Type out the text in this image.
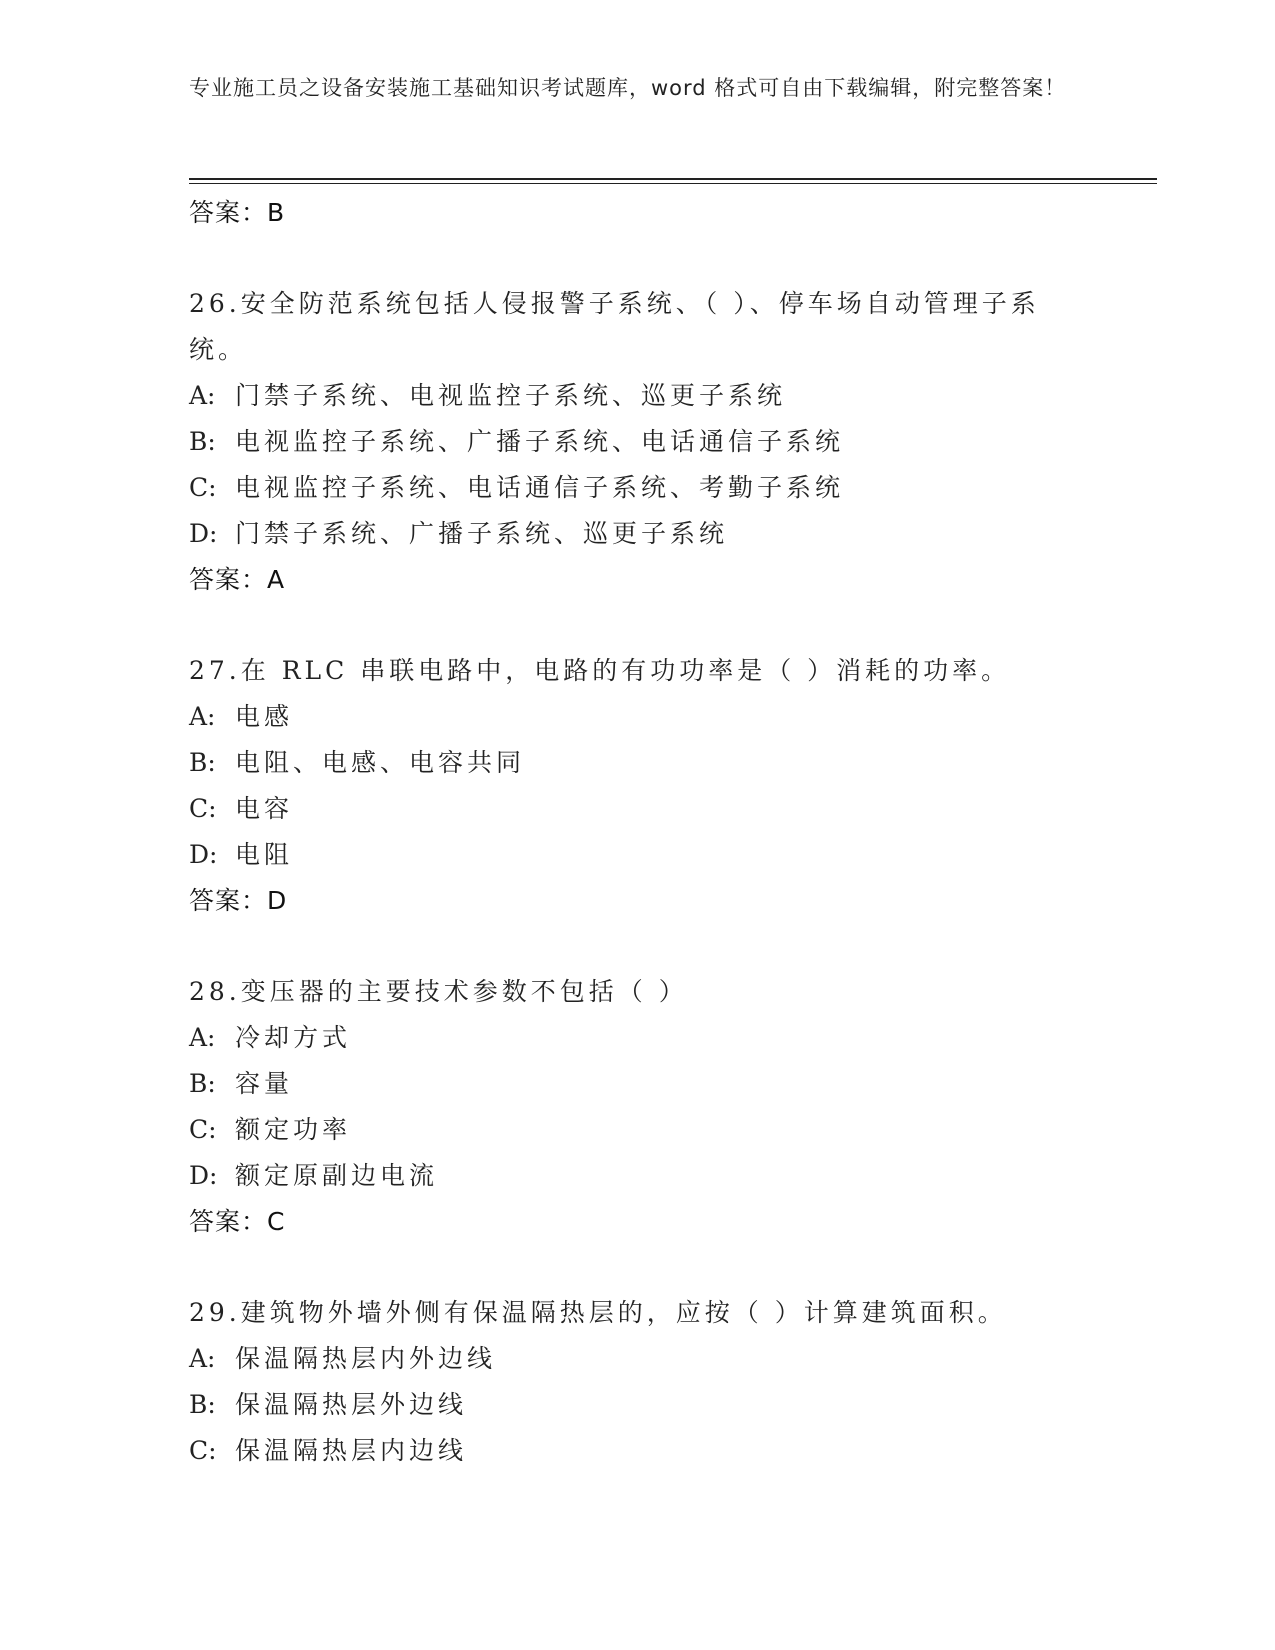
专业施工员之设备安装施工基础知识考试题库，word 格式可自由下载编辑，附完整答案！
答案：B
26.安全防范系统包括人侵报警子系统、（ ）、停车场自动管理子系统。
A: 门禁子系统、电视监控子系统、巡更子系统
B: 电视监控子系统、广播子系统、电话通信子系统
C: 电视监控子系统、电话通信子系统、考勤子系统
D: 门禁子系统、广播子系统、巡更子系统
答案：A
27.在 RLC 串联电路中，电路的有功功率是（ ）消耗的功率。
A: 电感
B: 电阻、电感、电容共同
C: 电容
D: 电阻
答案：D
28.变压器的主要技术参数不包括（ ）
A: 冷却方式
B: 容量
C: 额定功率
D: 额定原副边电流
答案：C
29.建筑物外墙外侧有保温隔热层的，应按（ ）计算建筑面积。
A: 保温隔热层内外边线
B: 保温隔热层外边线
C: 保温隔热层内边线
